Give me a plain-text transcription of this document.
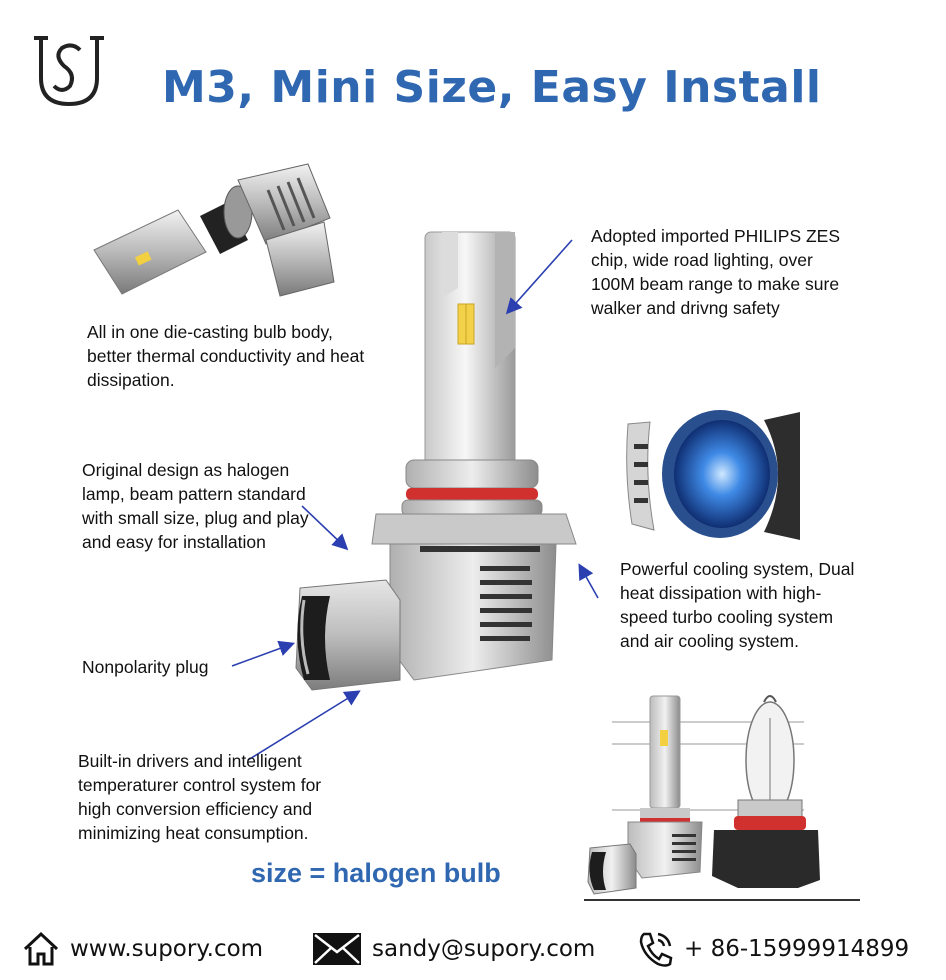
M3, Mini Size, Easy Install
Adopted imported PHILIPS ZES chip, wide road lighting, over 100M beam range to make sure walker and drivng safety
All in one die-casting bulb body, better thermal conductivity and heat dissipation.
Original design as halogen lamp, beam pattern standard with small size, plug and play and easy for installation
Powerful cooling system, Dual heat dissipation with high-speed turbo cooling system and air cooling system.
Nonpolarity plug
Built-in drivers and intelligent temperaturer control system for high conversion efficiency and minimizing heat consumption.
size = halogen bulb
www.supory.com	sandy@supory.com	+ 86-15999914899
